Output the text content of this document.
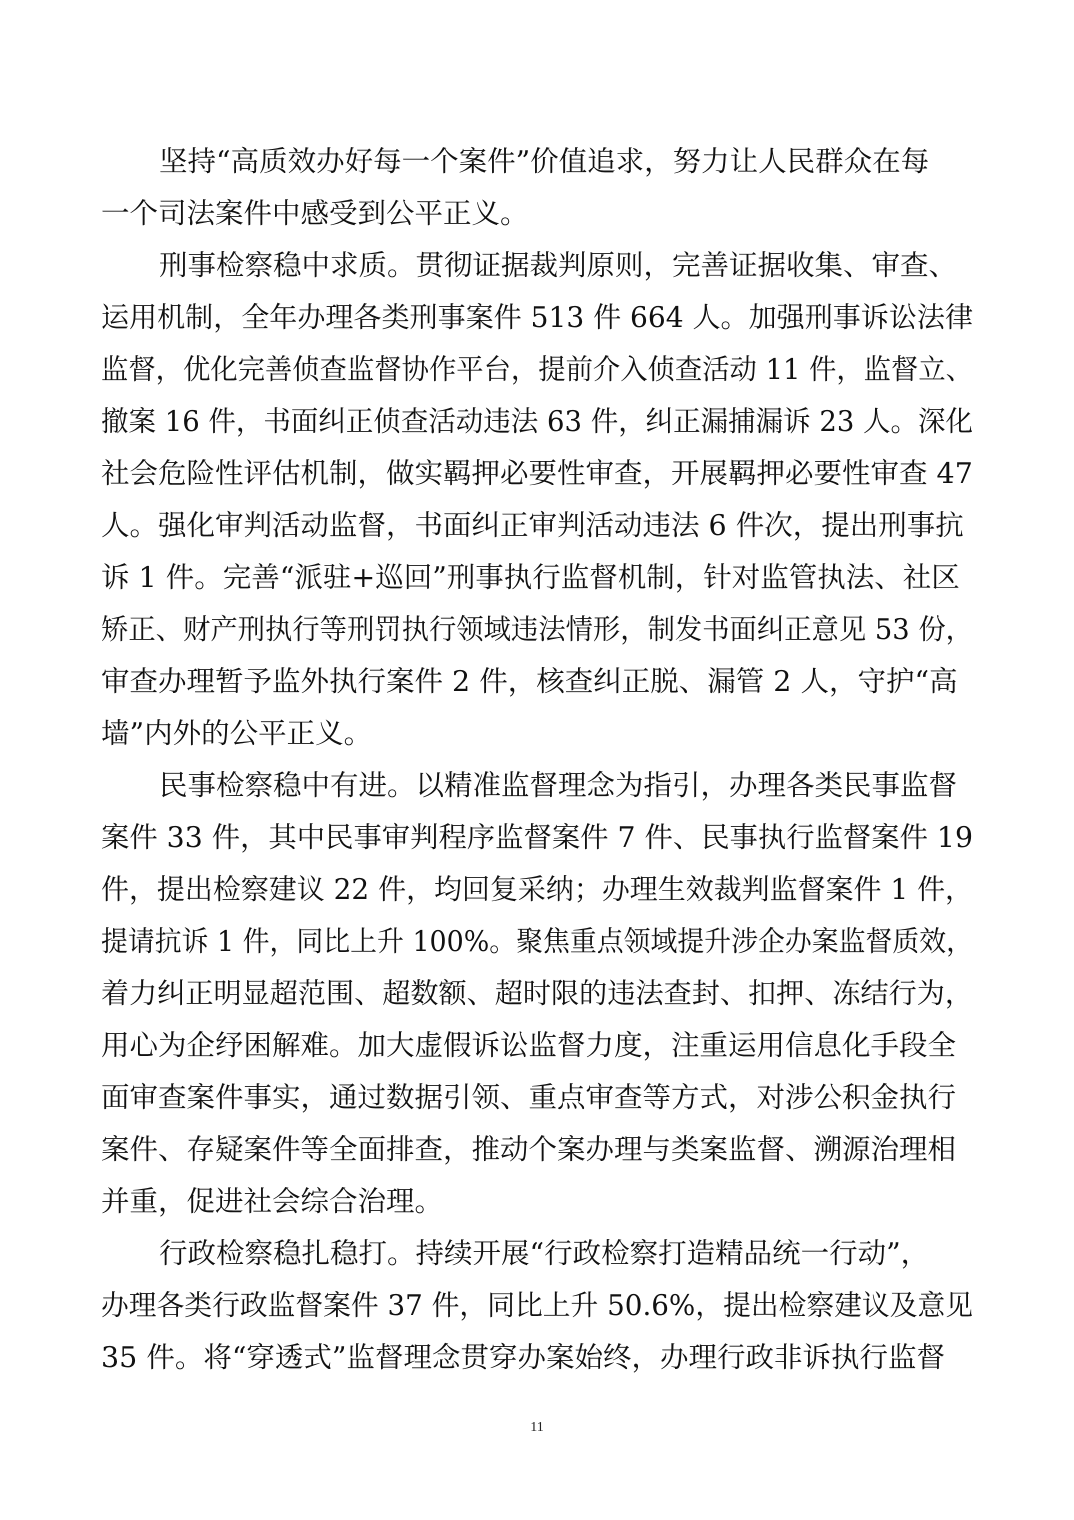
坚持“高质效办好每一个案件”价值追求，努力让人民群众在每
一个司法案件中感受到公平正义。
刑事检察稳中求质。贯彻证据裁判原则，完善证据收集、审查、
运用机制，全年办理各类刑事案件 513 件 664 人。加强刑事诉讼法律
监督，优化完善侦查监督协作平台，提前介入侦查活动 11 件，监督立、
撤案 16 件，书面纠正侦查活动违法 63 件，纠正漏捕漏诉 23 人。深化
社会危险性评估机制，做实羁押必要性审查，开展羁押必要性审查 47
人。强化审判活动监督，书面纠正审判活动违法 6 件次，提出刑事抗
诉 1 件。完善“派驻+巡回”刑事执行监督机制，针对监管执法、社区
矫正、财产刑执行等刑罚执行领域违法情形，制发书面纠正意见 53 份，
审查办理暂予监外执行案件 2 件，核查纠正脱、漏管 2 人，守护“高
墙”内外的公平正义。
民事检察稳中有进。以精准监督理念为指引，办理各类民事监督
案件 33 件，其中民事审判程序监督案件 7 件、民事执行监督案件 19
件，提出检察建议 22 件，均回复采纳；办理生效裁判监督案件 1 件，
提请抗诉 1 件，同比上升 100%。聚焦重点领域提升涉企办案监督质效，
着力纠正明显超范围、超数额、超时限的违法查封、扣押、冻结行为，
用心为企纾困解难。加大虚假诉讼监督力度，注重运用信息化手段全
面审查案件事实，通过数据引领、重点审查等方式，对涉公积金执行
案件、存疑案件等全面排查，推动个案办理与类案监督、溯源治理相
并重，促进社会综合治理。
行政检察稳扎稳打。持续开展“行政检察打造精品统一行动”，
办理各类行政监督案件 37 件，同比上升 50.6%，提出检察建议及意见
35 件。将“穿透式”监督理念贯穿办案始终，办理行政非诉执行监督
11
